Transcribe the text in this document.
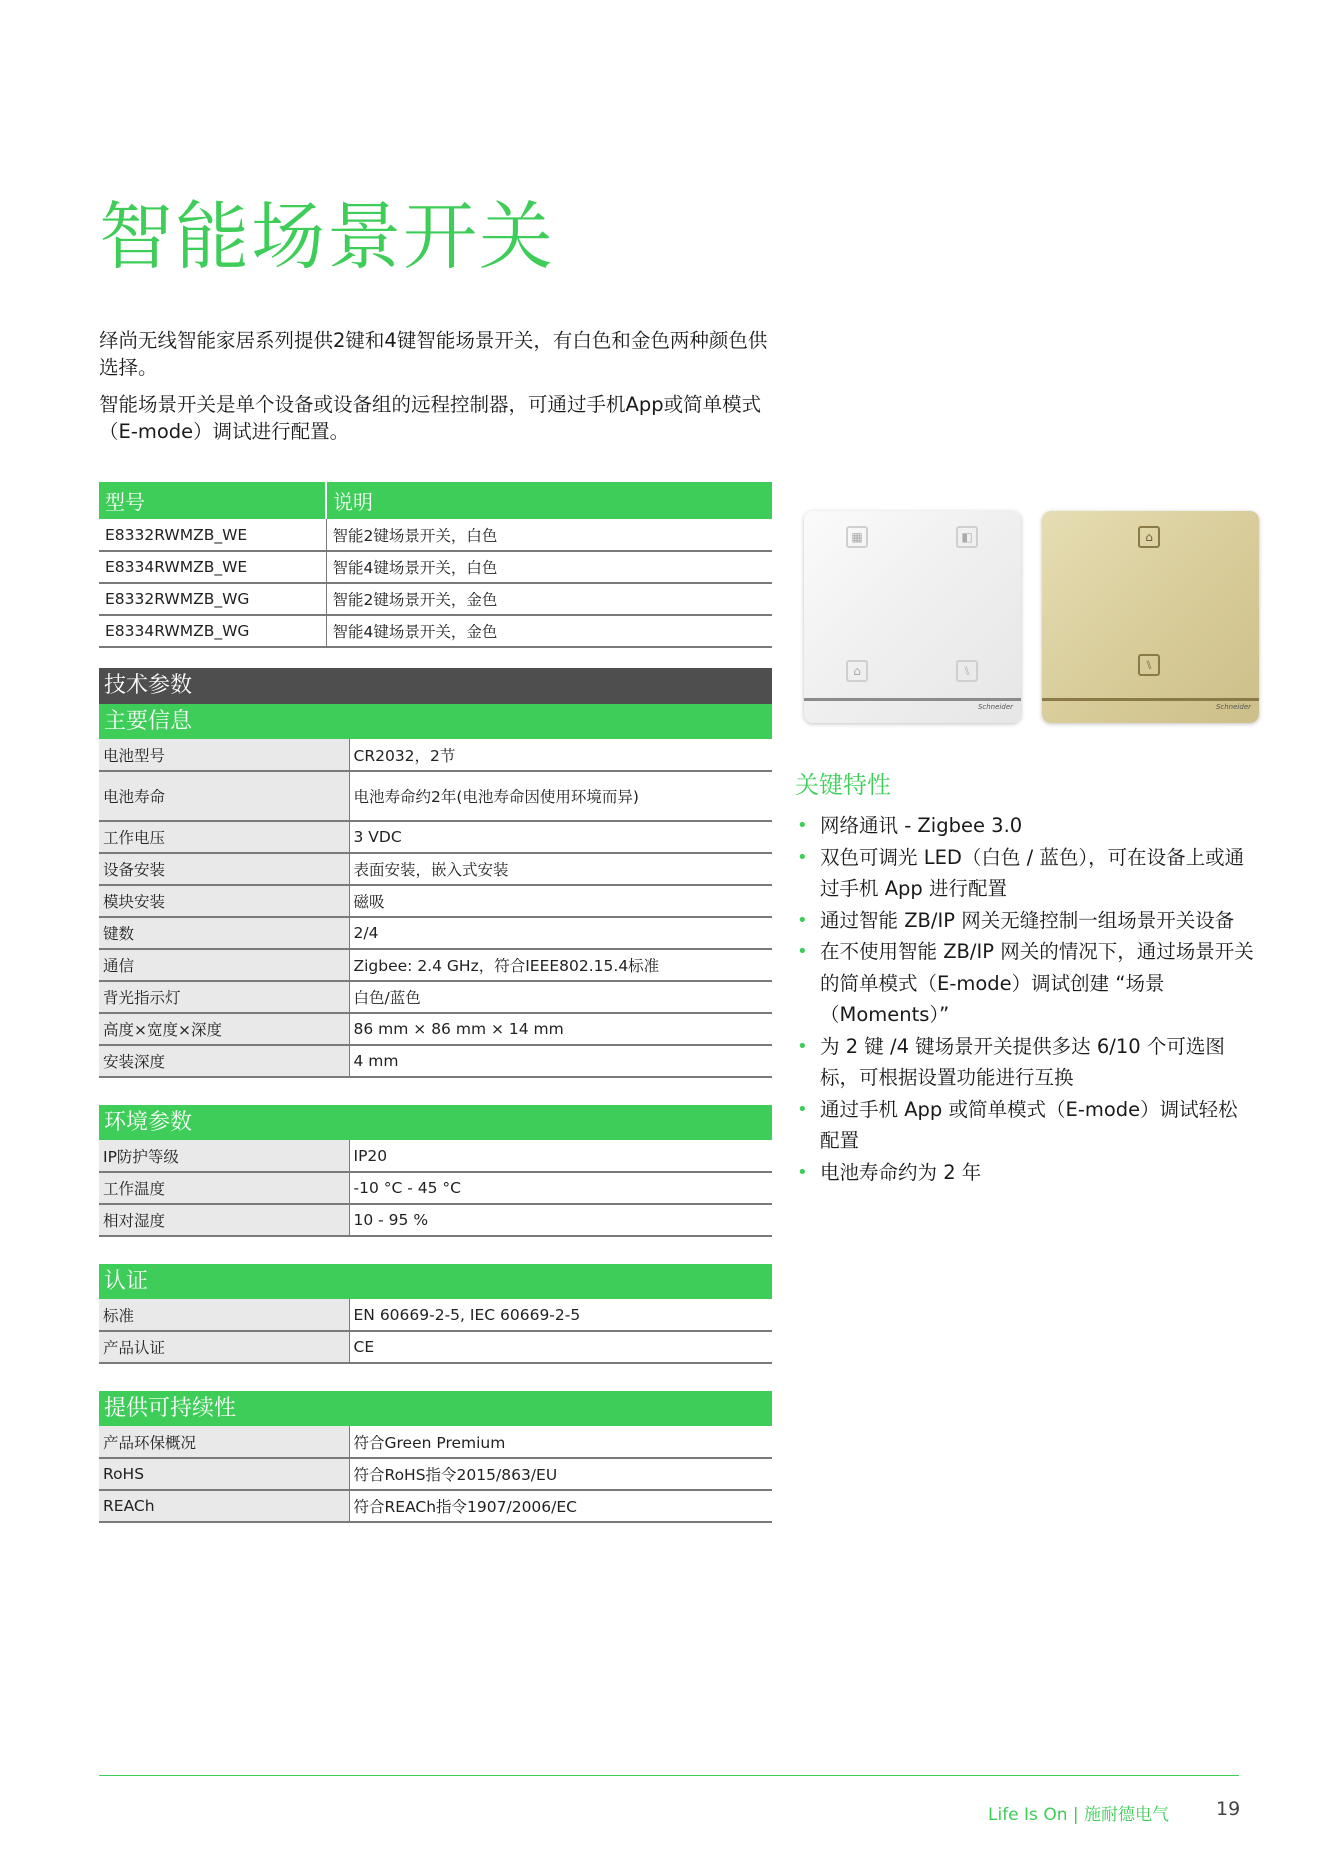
智能场景开关

绎尚无线智能家居系列提供2键和4键智能场景开关，有白色和金色两种颜色供选择。

智能场景开关是单个设备或设备组的远程控制器，可通过手机App或简单模式（E-mode）调试进行配置。

型号	说明
E8332RWMZB_WE	智能2键场景开关，白色
E8334RWMZB_WE	智能4键场景开关，白色
E8332RWMZB_WG	智能2键场景开关，金色
E8334RWMZB_WG	智能4键场景开关，金色
技术参数
主要信息
电池型号	CR2032，2节
电池寿命	电池寿命约2年(电池寿命因使用环境而异)
工作电压	3 VDC
设备安装	表面安装，嵌入式安装
模块安装	磁吸
键数	2/4
通信	Zigbee: 2.4 GHz，符合IEEE802.15.4标准
背光指示灯	白色/蓝色
高度×宽度×深度	86 mm × 86 mm × 14 mm
安装深度	4 mm
环境参数
IP防护等级	IP20
工作温度	-10 °C - 45 °C
相对湿度	10 - 95 %
认证
标准	EN 60669-2-5, IEC 60669-2-5
产品认证	CE
提供可持续性
产品环保概况	符合Green Premium
RoHS	符合RoHS指令2015/863/EU
REACh	符合REACh指令1907/2006/EC
▦	◧
⌂	⑊
Schneider
⌂
⑊
Schneider
关键特性
• 网络通讯 - Zigbee 3.0
• 双色可调光 LED（白色 / 蓝色），可在设备上或通过手机 App 进行配置
• 通过智能 ZB/IP 网关无缝控制一组场景开关设备
• 在不使用智能 ZB/IP 网关的情况下，通过场景开关的简单模式（E-mode）调试创建 “场景（Moments）”
• 为 2 键 /4 键场景开关提供多达 6/10 个可选图标，可根据设置功能进行互换
• 通过手机 App 或简单模式（E-mode）调试轻松配置
• 电池寿命约为 2 年
Life Is On | 施耐德电气 19
